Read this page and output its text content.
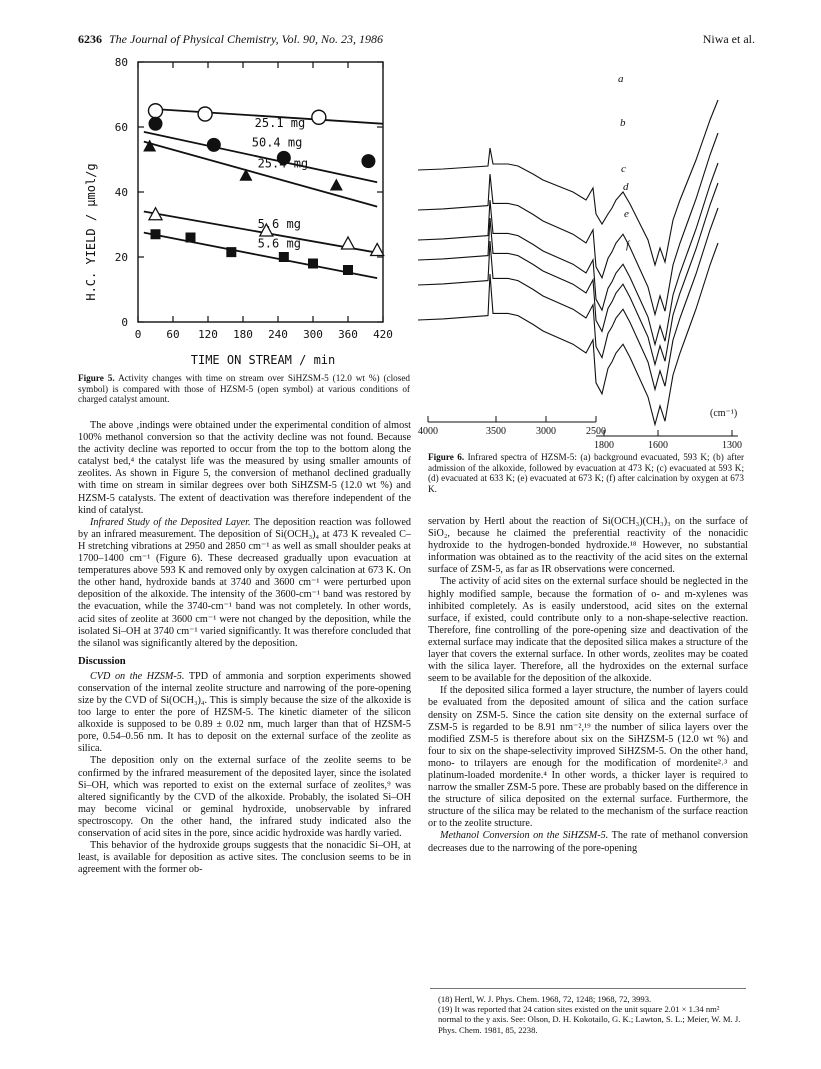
6236 The Journal of Physical Chemistry, Vol. 90, No. 23, 1986	Niwa et al.
0 60 120 180 240 300 360 420
0
20
40
60
80
25.1 mg
50.4 mg
25.4 mg
5.6 mg
5.6 mg
H.C. YIELD / μmol/g
TIME ON STREAM / min
Figure 5. Activity changes with time on stream over SiHZSM-5 (12.0 wt %) (closed symbol) is compared with those of HZSM-5 (open symbol) at various conditions of charged catalyst amount.
a
b
c
d
e
f
4000	3500	3000	2500
1800	1600	1300
(cm⁻¹)
Figure 6. Infrared spectra of HZSM-5: (a) background evacuated, 593 K; (b) after admission of the alkoxide, followed by evacuation at 473 K; (c) evacuated at 593 K; (d) evacuated at 633 K; (e) evacuated at 673 K; (f) after calcination by oxygen at 673 K.

The above ‚indings were obtained under the experimental condition of almost 100% methanol conversion so that the activity decline was not found. Because the activity decline was reported to occur from the top to the bottom along the catalyst bed,⁴ the catalyst life was the measured by using smaller amounts of zeolites. As shown in Figure 5, the conversion of methanol declined gradually with time on stream in similar degrees over both SiHZSM-5 (12.0 wt %) and HZSM-5 catalysts. The extent of deactivation was therefore independent of the kind of catalyst.

Infrared Study of the Deposited Layer. The deposition reaction was followed by an infrared measurement. The deposition of Si(OCH₃)₄ at 473 K revealed C–H stretching vibrations at 2950 and 2850 cm⁻¹ as well as small shoulder peaks at 1700–1400 cm⁻¹ (Figure 6). These decreased gradually upon evacuation at temperatures above 593 K and removed only by oxygen calcination at 673 K. On the other hand, hydroxide bands at 3740 and 3600 cm⁻¹ were perturbed upon deposition of the alkoxide. The intensity of the 3600-cm⁻¹ band was restored by the evacuation, while the 3740-cm⁻¹ band was not completely. In other words, acid sites of zeolite at 3600 cm⁻¹ were not changed by the deposition, while the isolated Si–OH at 3740 cm⁻¹ varied significantly. It was therefore concluded that the silanol was significantly altered by the deposition.

Discussion

CVD on the HZSM-5. TPD of ammonia and sorption experiments showed conservation of the internal zeolite structure and narrowing of the pore-opening size by the CVD of Si(OCH₃)₄. This is simply because the size of the alkoxide is too large to enter the pore of HZSM-5. The kinetic diameter of the silicon alkoxide is supposed to be 0.89 ± 0.02 nm, much larger than that of HZSM-5 pore, 0.54–0.56 nm. It has to deposit on the external surface of the zeolite as silica.

The deposition only on the external surface of the zeolite seems to be confirmed by the infrared measurement of the deposited layer, since the isolated Si–OH, which was reported to exist on the external surface of zeolites,⁹ was altered significantly by the CVD of the alkoxide. Probably, the isolated Si–OH may become vicinal or geminal hydroxide, unobservable by infrared spectroscopy. On the other hand, the infrared study indicated also the conservation of acid sites in the pore, since acidic hydroxide was hardly varied.

This behavior of the hydroxide groups suggests that the nonacidic Si–OH, at least, is available for deposition as active sites. The conclusion seems to be in agreement with the former ob-

servation by Hertl about the reaction of Si(OCH₃)(CH₃)₃ on the surface of SiO₂, because he claimed the preferential reactivity of the nonacidic hydroxide to the hydrogen-bonded hydroxide.¹⁸ However, no substantial information was obtained as to the reactivity of the acid sites on the external surface of ZSM-5, as far as IR observations were concerned.

The activity of acid sites on the external surface should be neglected in the highly modified sample, because the formation of o- and m-xylenes was inhibited completely. As is easily understood, acid sites on the external surface, if existed, could contribute only to a non-shape-selective reaction. Therefore, fine controlling of the pore-opening size and deactivation of the external surface may indicate that the deposited silica makes a structure of the layer that covers the external surface. In other words, zeolites may be coated with the silica layer. Therefore, all the hydroxides on the external surface seem to be available for the deposition of the alkoxide.

If the deposited silica formed a layer structure, the number of layers could be evaluated from the deposited amount of silica and the cation surface density on ZSM-5. Since the cation site density on the external surface of ZSM-5 is regarded to be 8.91 nm⁻²,¹⁹ the number of silica layers over the modified ZSM-5 is therefore about six on the SiHZSM-5 (12.0 wt %) and four to six on the shape-selectivity improved SiHZSM-5. On the other hand, mono- to trilayers are enough for the modification of mordenite²˒³ and platinum-loaded mordenite.⁴ In other words, a thicker layer is required to narrow the smaller ZSM-5 pore. These are probably based on the difference in the structure of silica deposited on the external surface. Furthermore, the structure of the silica may be related to the mechanism of the surface reaction or to the zeolite structure.

Methanol Conversion on the SiHZSM-5. The rate of methanol conversion decreases due to the narrowing of the pore-opening

(18) Hertl, W. J. Phys. Chem. 1968, 72, 1248; 1968, 72, 3993.
(19) It was reported that 24 cation sites existed on the unit square 2.01 × 1.34 nm² normal to the y axis. See: Olson, D. H. Kokotailo, G. K.; Lawton, S. L.; Meier, W. M. J. Phys. Chem. 1981, 85, 2238.
